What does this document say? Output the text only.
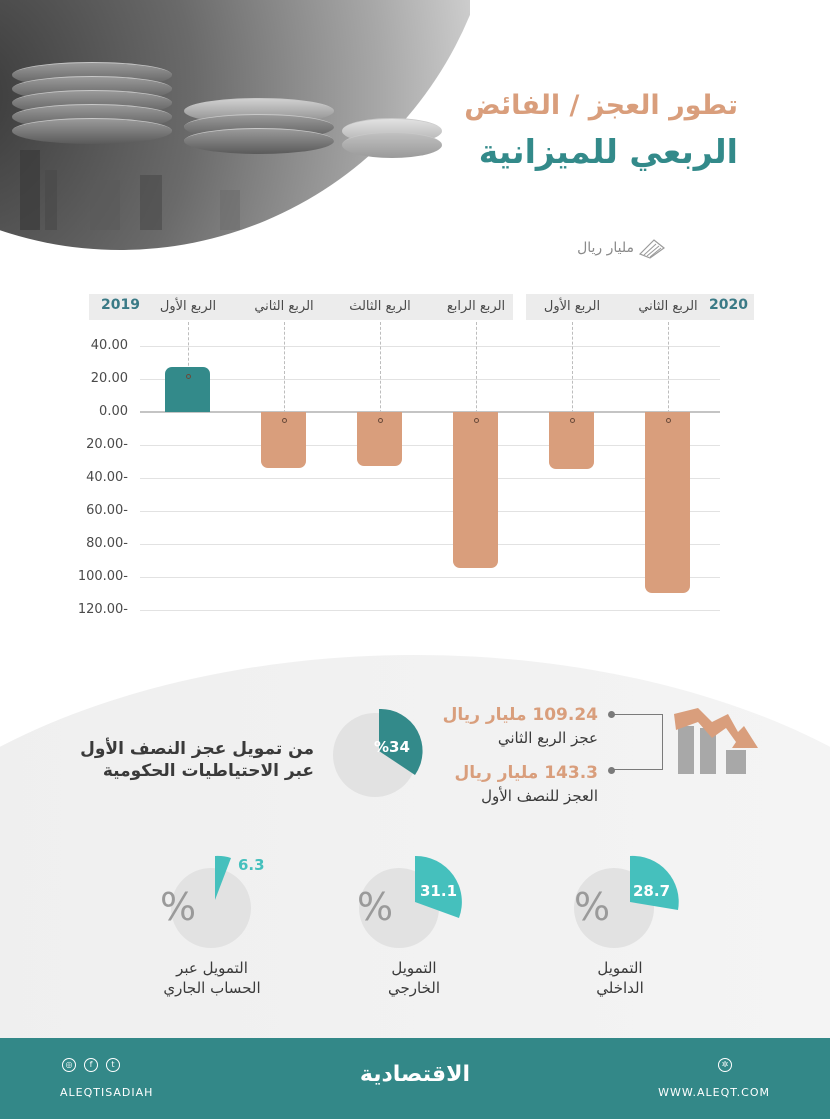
تطور العجز / الفائض
الربعي للميزانية
مليار ريال
2019	2020
الربع الأول	الربع الثاني	الربع الثالث	الربع الرابع	الربع الأول	الربع الثاني
40.00
20.00
0.00
20.00-
40.00-
60.00-
80.00-
100.00-
120.00-
109.24 مليار ريال
عجز الربع الثاني
143.3 مليار ريال
العجز للنصف الأول
%34
من تمويل عجز النصف الأول
عبر الاحتياطيات الحكومية
28.7
%
التمويل
الداخلي
31.1
%
التمويل
الخارجي
6.3
%
التمويل عبر
الحساب الجاري
◎	f	t
ALEQTISADIAH
الاقتصادية	✲
WWW.ALEQT.COM
